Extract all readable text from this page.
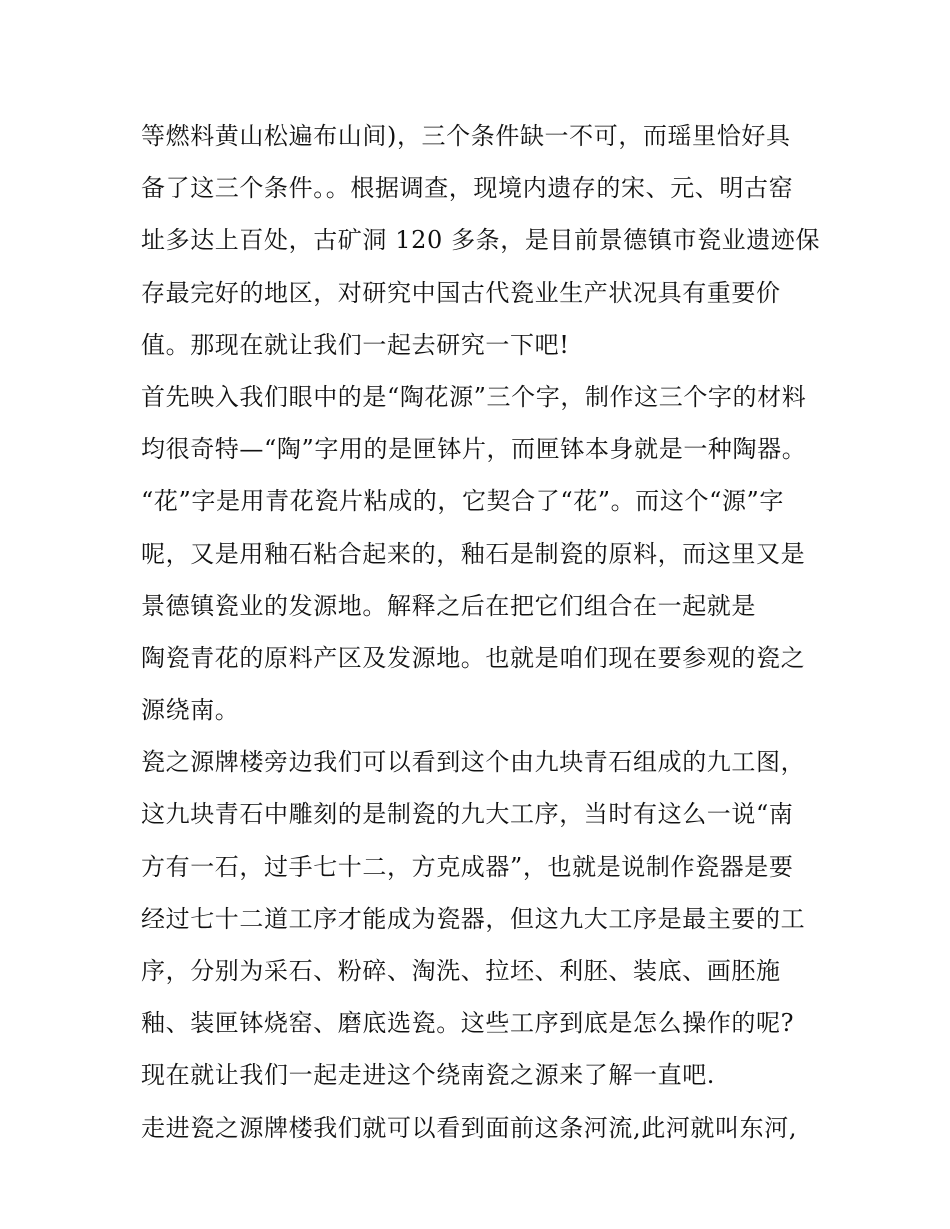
等燃料黄山松遍布山间)，三个条件缺一不可，而瑶里恰好具
备了这三个条件。。根据调查，现境内遗存的宋、元、明古窑
址多达上百处，古矿洞 120 多条，是目前景德镇市瓷业遗迹保
存最完好的地区，对研究中国古代瓷业生产状况具有重要价
值。那现在就让我们一起去研究一下吧!
首先映入我们眼中的是“陶花源”三个字，制作这三个字的材料
均很奇特—“陶”字用的是匣钵片，而匣钵本身就是一种陶器。
“花”字是用青花瓷片粘成的，它契合了“花”。而这个“源”字
呢，又是用釉石粘合起来的，釉石是制瓷的原料，而这里又是
景德镇瓷业的发源地。解释之后在把它们组合在一起就是
陶瓷青花的原料产区及发源地。也就是咱们现在要参观的瓷之
源绕南。
瓷之源牌楼旁边我们可以看到这个由九块青石组成的九工图，
这九块青石中雕刻的是制瓷的九大工序，当时有这么一说“南
方有一石，过手七十二，方克成器”，也就是说制作瓷器是要
经过七十二道工序才能成为瓷器，但这九大工序是最主要的工
序，分别为采石、粉碎、淘洗、拉坯、利胚、装底、画胚施
釉、装匣钵烧窑、磨底选瓷。这些工序到底是怎么操作的呢?
现在就让我们一起走进这个绕南瓷之源来了解一直吧.
走进瓷之源牌楼我们就可以看到面前这条河流,此河就叫东河,
